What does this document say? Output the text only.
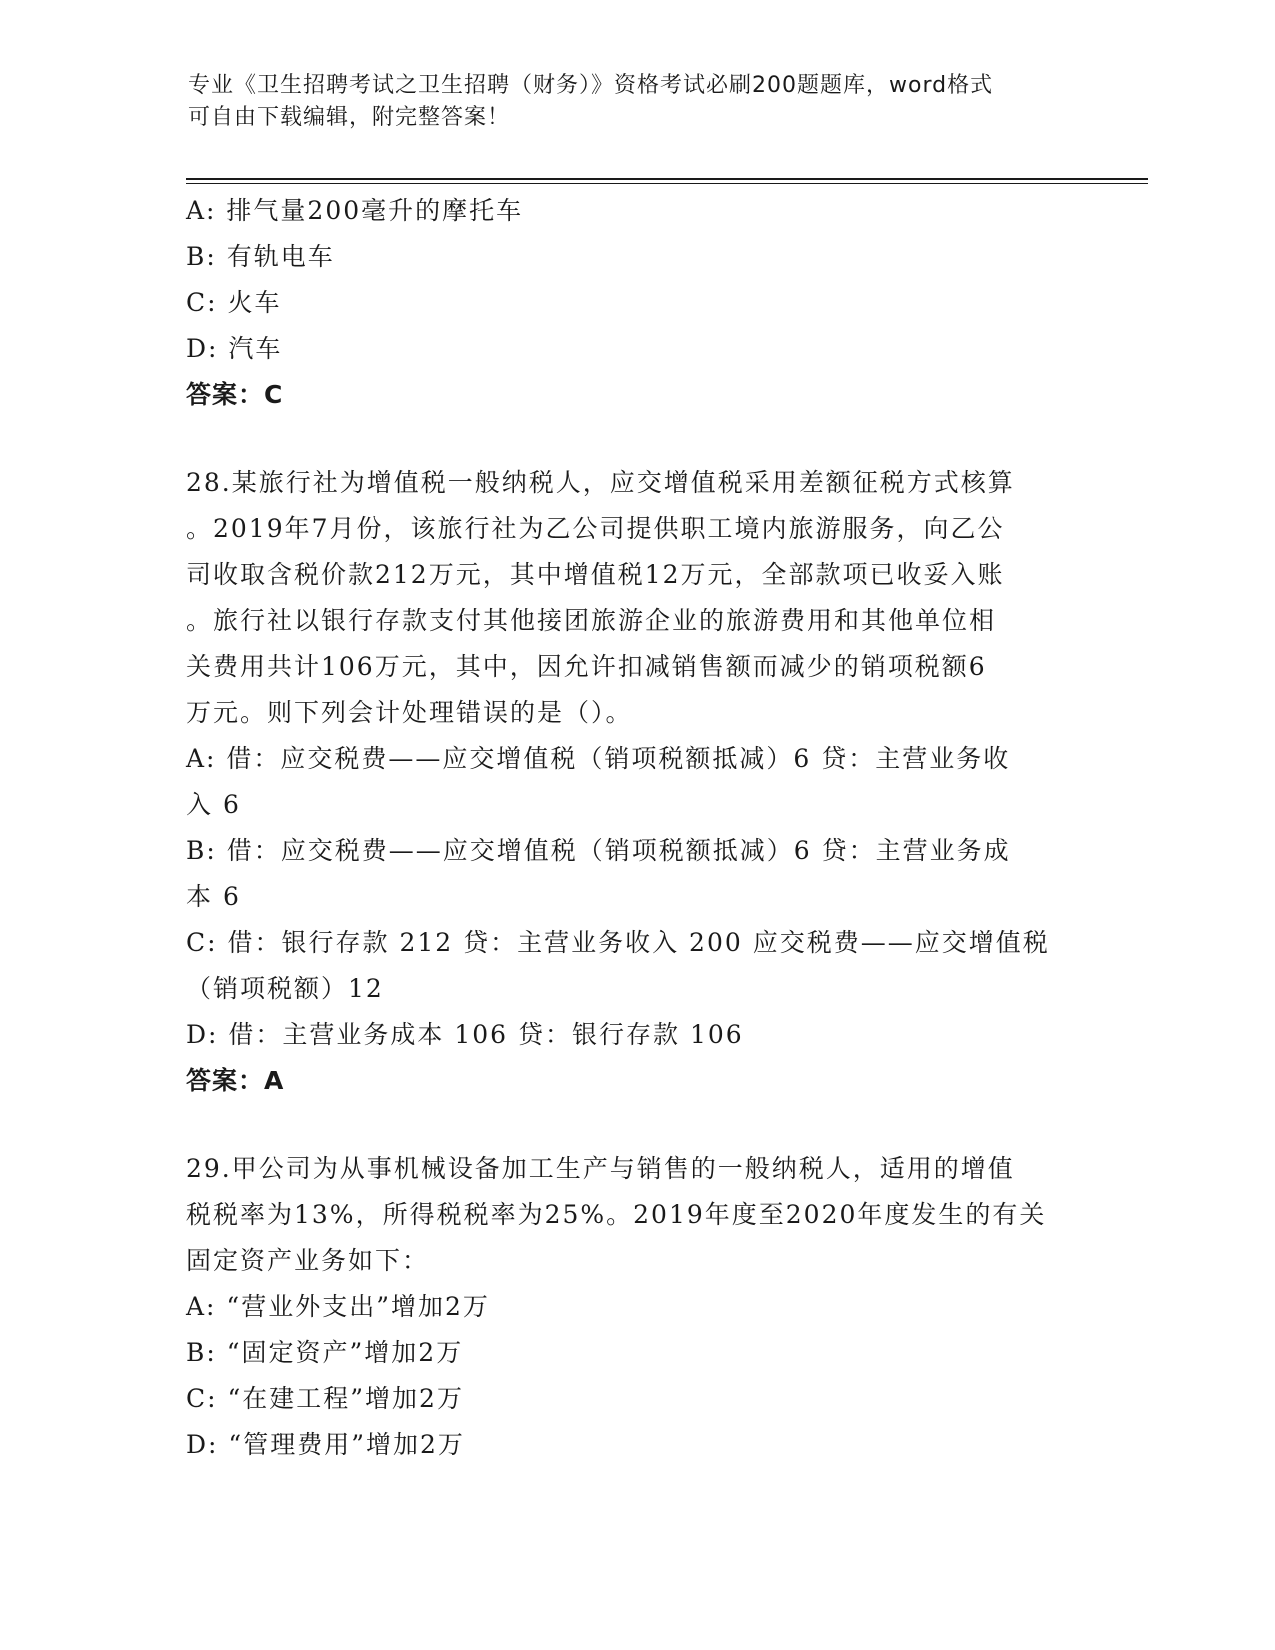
专业《卫生招聘考试之卫生招聘（财务）》资格考试必刷200题题库，word格式
可自由下载编辑，附完整答案！
A: 排气量200毫升的摩托车
B: 有轨电车
C: 火车
D: 汽车
答案：C
28.某旅行社为增值税一般纳税人，应交增值税采用差额征税方式核算
。2019年7月份，该旅行社为乙公司提供职工境内旅游服务，向乙公
司收取含税价款212万元，其中增值税12万元，全部款项已收妥入账
。旅行社以银行存款支付其他接团旅游企业的旅游费用和其他单位相
关费用共计106万元，其中，因允许扣减销售额而减少的销项税额6
万元。则下列会计处理错误的是（）。
A: 借：应交税费——应交增值税（销项税额抵减）6 贷：主营业务收
入 6
B: 借：应交税费——应交增值税（销项税额抵减）6 贷：主营业务成
本 6
C: 借：银行存款 212 贷：主营业务收入 200 应交税费——应交增值税
（销项税额）12
D: 借：主营业务成本 106 贷：银行存款 106
答案：A
29.甲公司为从事机械设备加工生产与销售的一般纳税人，适用的增值
税税率为13%，所得税税率为25%。2019年度至2020年度发生的有关
固定资产业务如下：
A: “营业外支出”增加2万
B: “固定资产”增加2万
C: “在建工程”增加2万
D: “管理费用”增加2万
